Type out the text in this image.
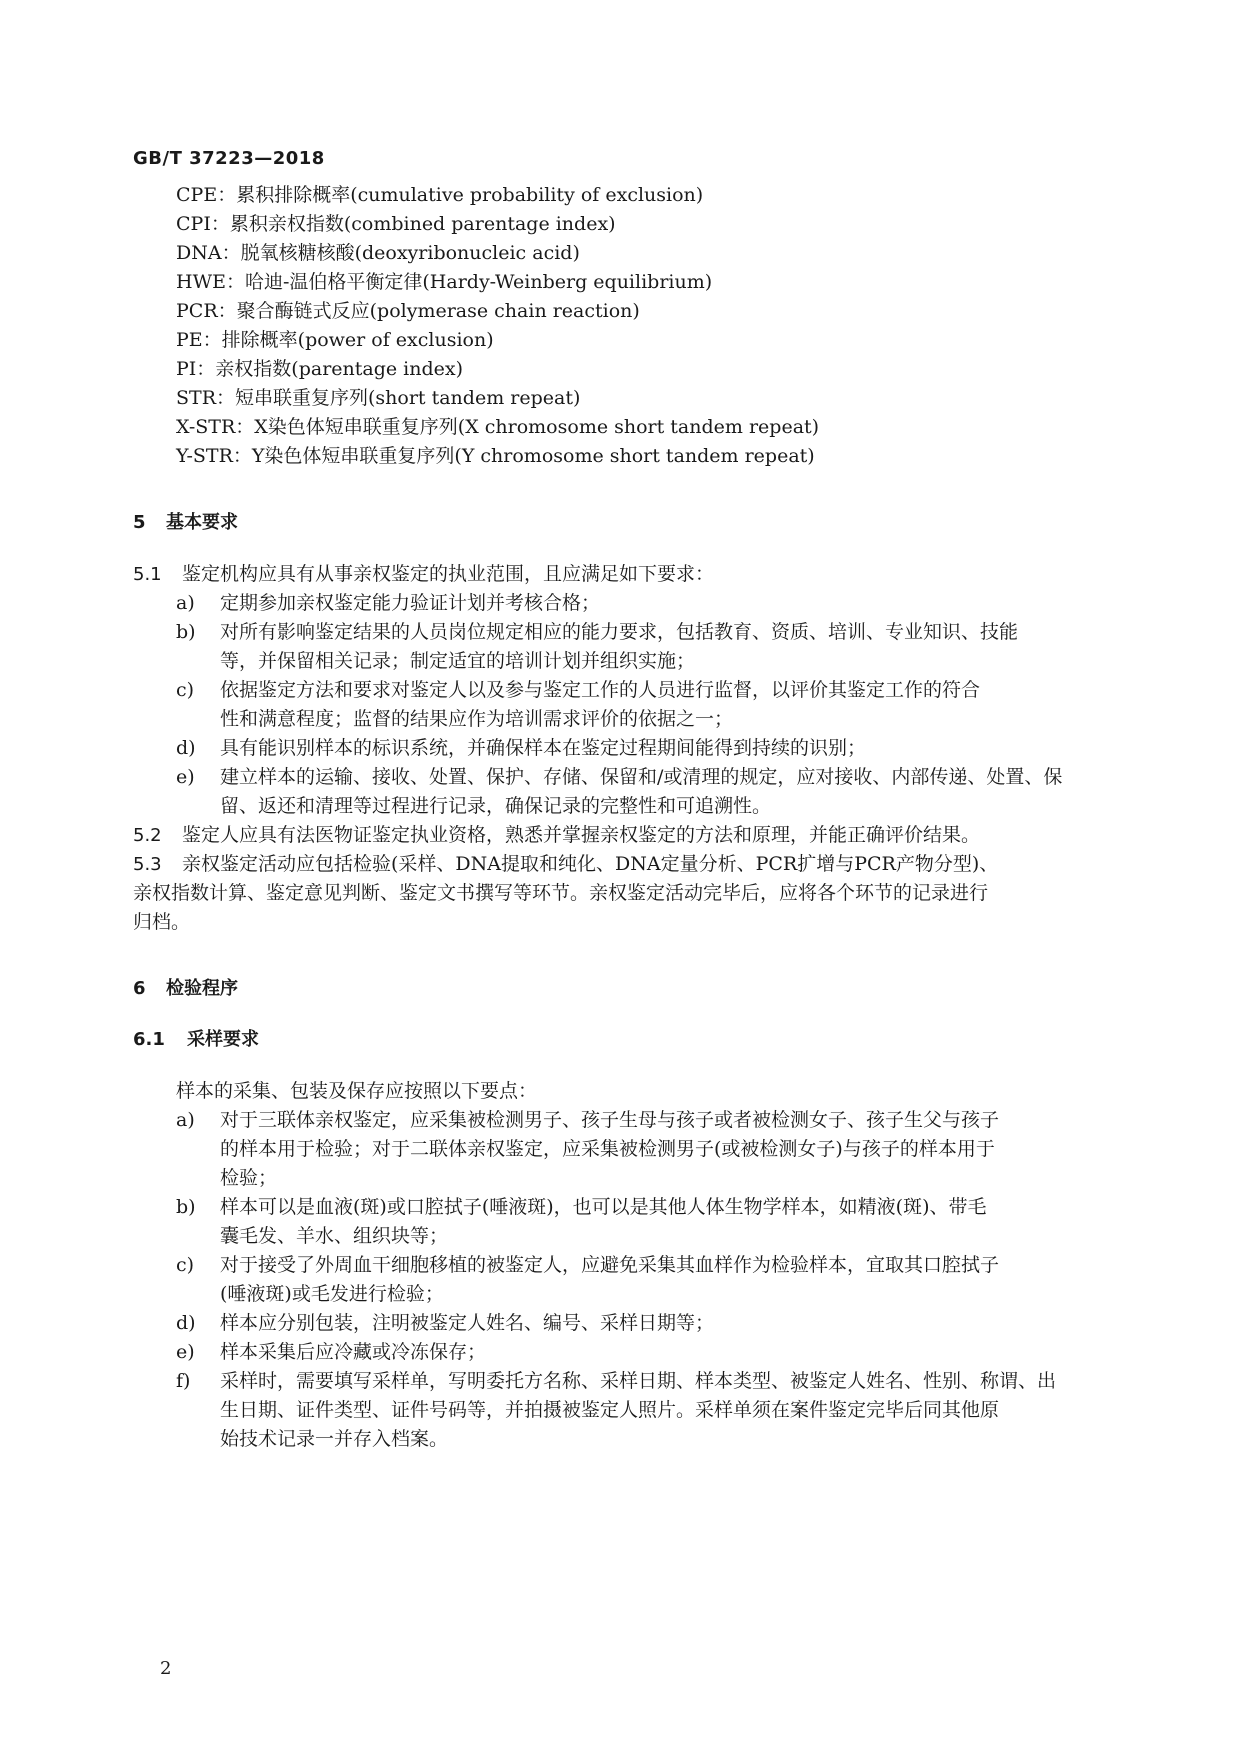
GB/T 37223—2018
CPE：累积排除概率(cumulative probability of exclusion)
CPI：累积亲权指数(combined parentage index)
DNA：脱氧核糖核酸(deoxyribonucleic acid)
HWE：哈迪-温伯格平衡定律(Hardy-Weinberg equilibrium)
PCR：聚合酶链式反应(polymerase chain reaction)
PE：排除概率(power of exclusion)
PI：亲权指数(parentage index)
STR：短串联重复序列(short tandem repeat)
X-STR：X染色体短串联重复序列(X chromosome short tandem repeat)
Y-STR：Y染色体短串联重复序列(Y chromosome short tandem repeat)
5 基本要求
5.1 鉴定机构应具有从事亲权鉴定的执业范围，且应满足如下要求：
a) 定期参加亲权鉴定能力验证计划并考核合格；
b) 对所有影响鉴定结果的人员岗位规定相应的能力要求，包括教育、资质、培训、专业知识、技能
等，并保留相关记录；制定适宜的培训计划并组织实施；
c) 依据鉴定方法和要求对鉴定人以及参与鉴定工作的人员进行监督，以评价其鉴定工作的符合
性和满意程度；监督的结果应作为培训需求评价的依据之一；
d) 具有能识别样本的标识系统，并确保样本在鉴定过程期间能得到持续的识别；
e) 建立样本的运输、接收、处置、保护、存储、保留和/或清理的规定，应对接收、内部传递、处置、保
留、返还和清理等过程进行记录，确保记录的完整性和可追溯性。
5.2 鉴定人应具有法医物证鉴定执业资格，熟悉并掌握亲权鉴定的方法和原理，并能正确评价结果。
5.3 亲权鉴定活动应包括检验(采样、DNA提取和纯化、DNA定量分析、PCR扩增与PCR产物分型)、
亲权指数计算、鉴定意见判断、鉴定文书撰写等环节。亲权鉴定活动完毕后，应将各个环节的记录进行
归档。
6 检验程序
6.1 采样要求
样本的采集、包装及保存应按照以下要点：
a) 对于三联体亲权鉴定，应采集被检测男子、孩子生母与孩子或者被检测女子、孩子生父与孩子
的样本用于检验；对于二联体亲权鉴定，应采集被检测男子(或被检测女子)与孩子的样本用于
检验；
b) 样本可以是血液(斑)或口腔拭子(唾液斑)，也可以是其他人体生物学样本，如精液(斑)、带毛
囊毛发、羊水、组织块等；
c) 对于接受了外周血干细胞移植的被鉴定人，应避免采集其血样作为检验样本，宜取其口腔拭子
(唾液斑)或毛发进行检验；
d) 样本应分别包装，注明被鉴定人姓名、编号、采样日期等；
e) 样本采集后应冷藏或冷冻保存；
f) 采样时，需要填写采样单，写明委托方名称、采样日期、样本类型、被鉴定人姓名、性别、称谓、出
生日期、证件类型、证件号码等，并拍摄被鉴定人照片。采样单须在案件鉴定完毕后同其他原
始技术记录一并存入档案。
2
